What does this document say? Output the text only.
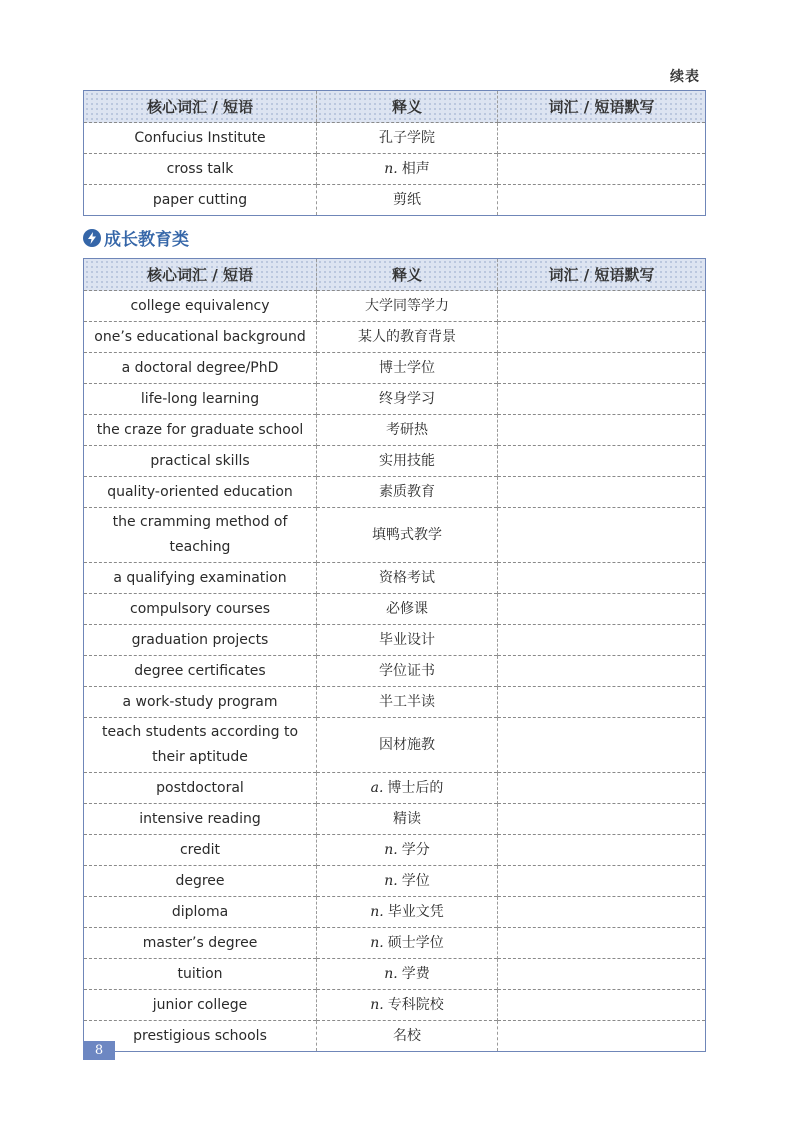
续表
核心词汇 / 短语	释义	词汇 / 短语默写
Confucius Institute	孔子学院	
cross talk	n. 相声	
paper cutting	剪纸	
成长教育类
核心词汇 / 短语	释义	词汇 / 短语默写
college equivalency	大学同等学力	
one’s educational background	某人的教育背景	
a doctoral degree/PhD	博士学位	
life-long learning	终身学习	
the craze for graduate school	考研热	
practical skills	实用技能	
quality-oriented education	素质教育	
the cramming method of teaching	填鸭式教学	
a qualifying examination	资格考试	
compulsory courses	必修课	
graduation projects	毕业设计	
degree certificates	学位证书	
a work-study program	半工半读	
teach students according to their aptitude	因材施教	
postdoctoral	a. 博士后的	
intensive reading	精读	
credit	n. 学分	
degree	n. 学位	
diploma	n. 毕业文凭	
master’s degree	n. 硕士学位	
tuition	n. 学费	
junior college	n. 专科院校	
prestigious schools	名校	
8
